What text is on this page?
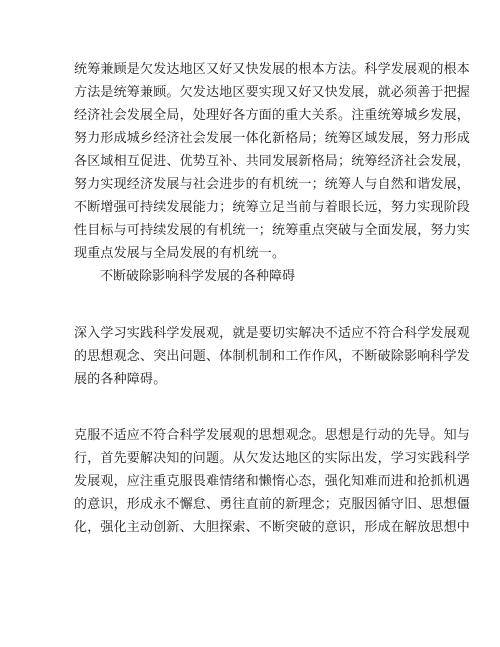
统筹兼顾是欠发达地区又好又快发展的根本方法。科学发展观的根本
方法是统筹兼顾。欠发达地区要实现又好又快发展，就必须善于把握
经济社会发展全局，处理好各方面的重大关系。注重统筹城乡发展，
努力形成城乡经济社会发展一体化新格局；统筹区域发展，努力形成
各区域相互促进、优势互补、共同发展新格局；统筹经济社会发展，
努力实现经济发展与社会进步的有机统一；统筹人与自然和谐发展，
不断增强可持续发展能力；统筹立足当前与着眼长远，努力实现阶段
性目标与可持续发展的有机统一；统筹重点突破与全面发展，努力实
现重点发展与全局发展的有机统一。
不断破除影响科学发展的各种障碍
深入学习实践科学发展观，就是要切实解决不适应不符合科学发展观
的思想观念、突出问题、体制机制和工作作风，不断破除影响科学发
展的各种障碍。
克服不适应不符合科学发展观的思想观念。思想是行动的先导。知与
行，首先要解决知的问题。从欠发达地区的实际出发，学习实践科学
发展观，应注重克服畏难情绪和懒惰心态，强化知难而进和抢抓机遇
的意识，形成永不懈怠、勇往直前的新理念；克服因循守旧、思想僵
化，强化主动创新、大胆探索、不断突破的意识，形成在解放思想中
